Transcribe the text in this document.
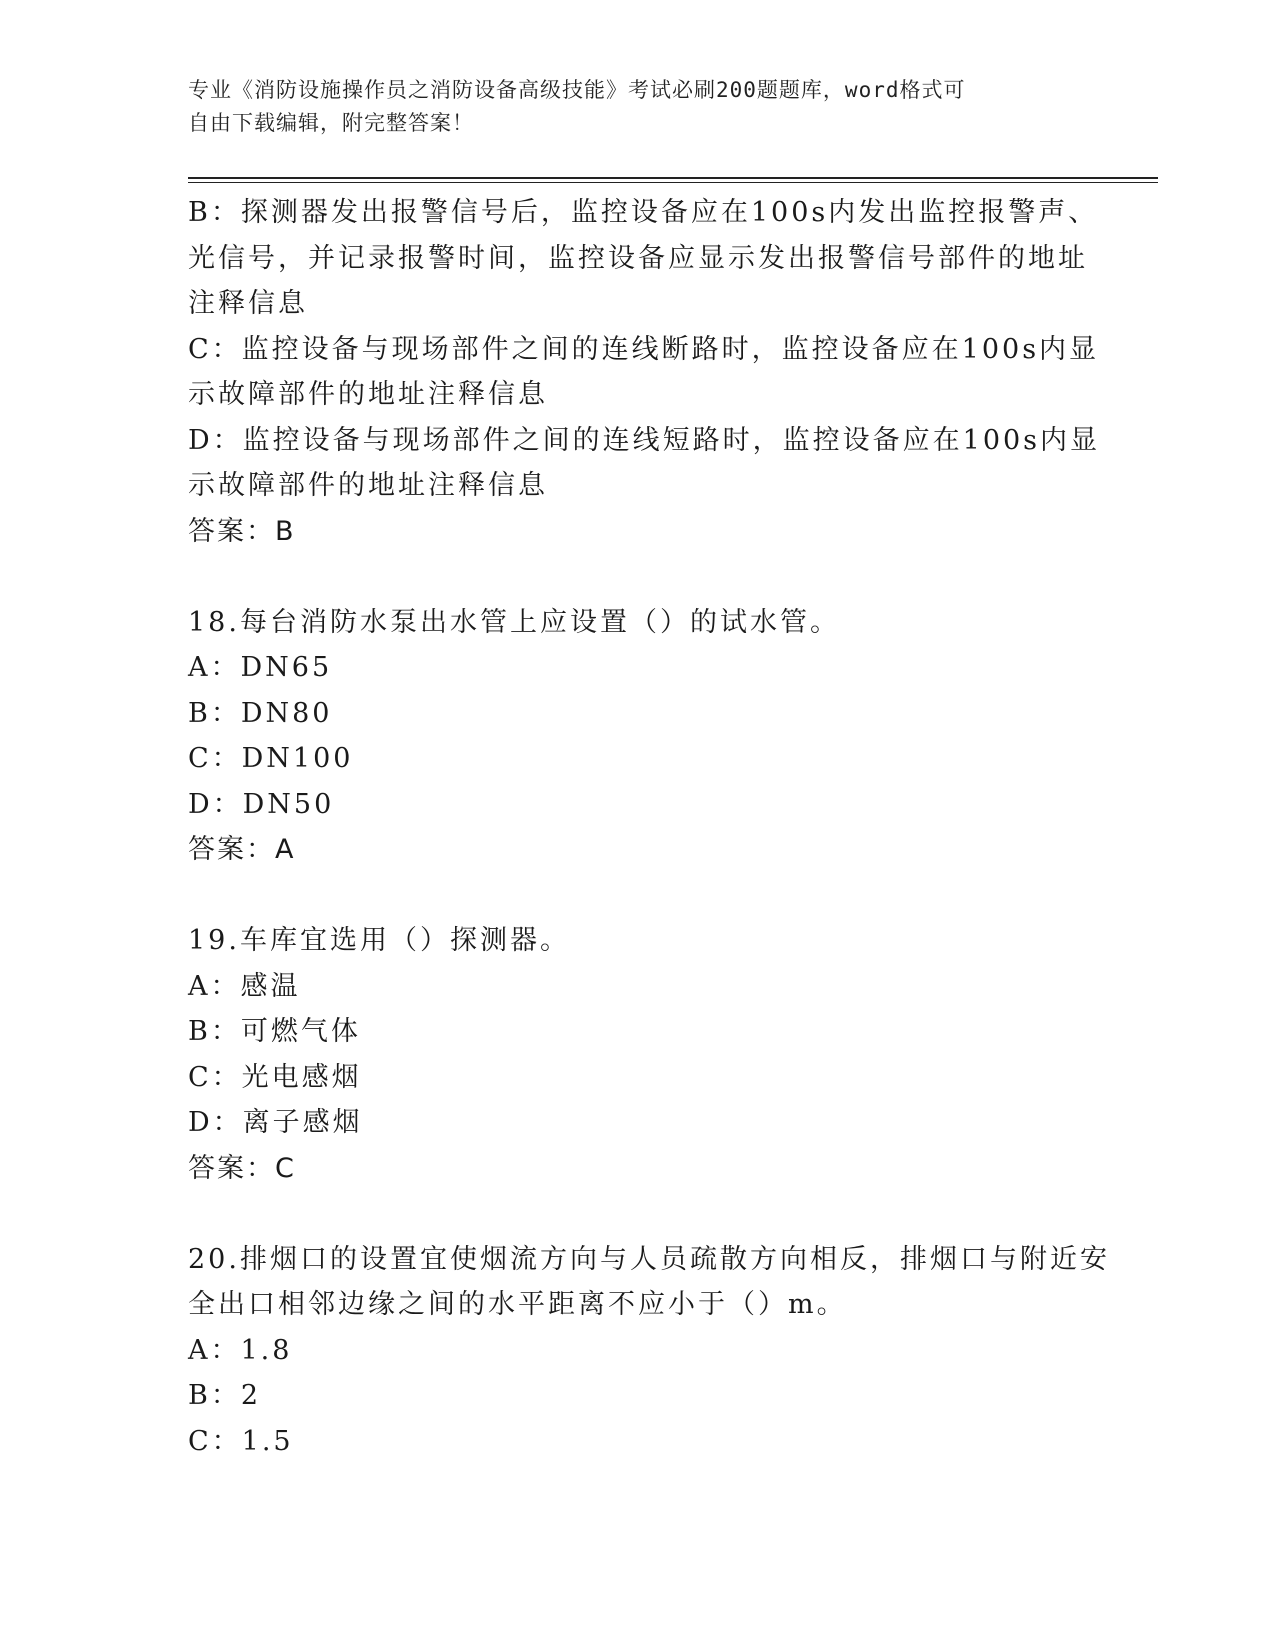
专业《消防设施操作员之消防设备高级技能》考试必刷200题题库，word格式可
自由下载编辑，附完整答案！
B：探测器发出报警信号后，监控设备应在100s内发出监控报警声、
光信号，并记录报警时间，监控设备应显示发出报警信号部件的地址
注释信息
C：监控设备与现场部件之间的连线断路时，监控设备应在100s内显
示故障部件的地址注释信息
D：监控设备与现场部件之间的连线短路时，监控设备应在100s内显
示故障部件的地址注释信息
答案：B
18.每台消防水泵出水管上应设置（）的试水管。
A：DN65
B：DN80
C：DN100
D：DN50
答案：A
19.车库宜选用（）探测器。
A：感温
B：可燃气体
C：光电感烟
D：离子感烟
答案：C
20.排烟口的设置宜使烟流方向与人员疏散方向相反，排烟口与附近安
全出口相邻边缘之间的水平距离不应小于（）m。
A：1.8
B：2
C：1.5
